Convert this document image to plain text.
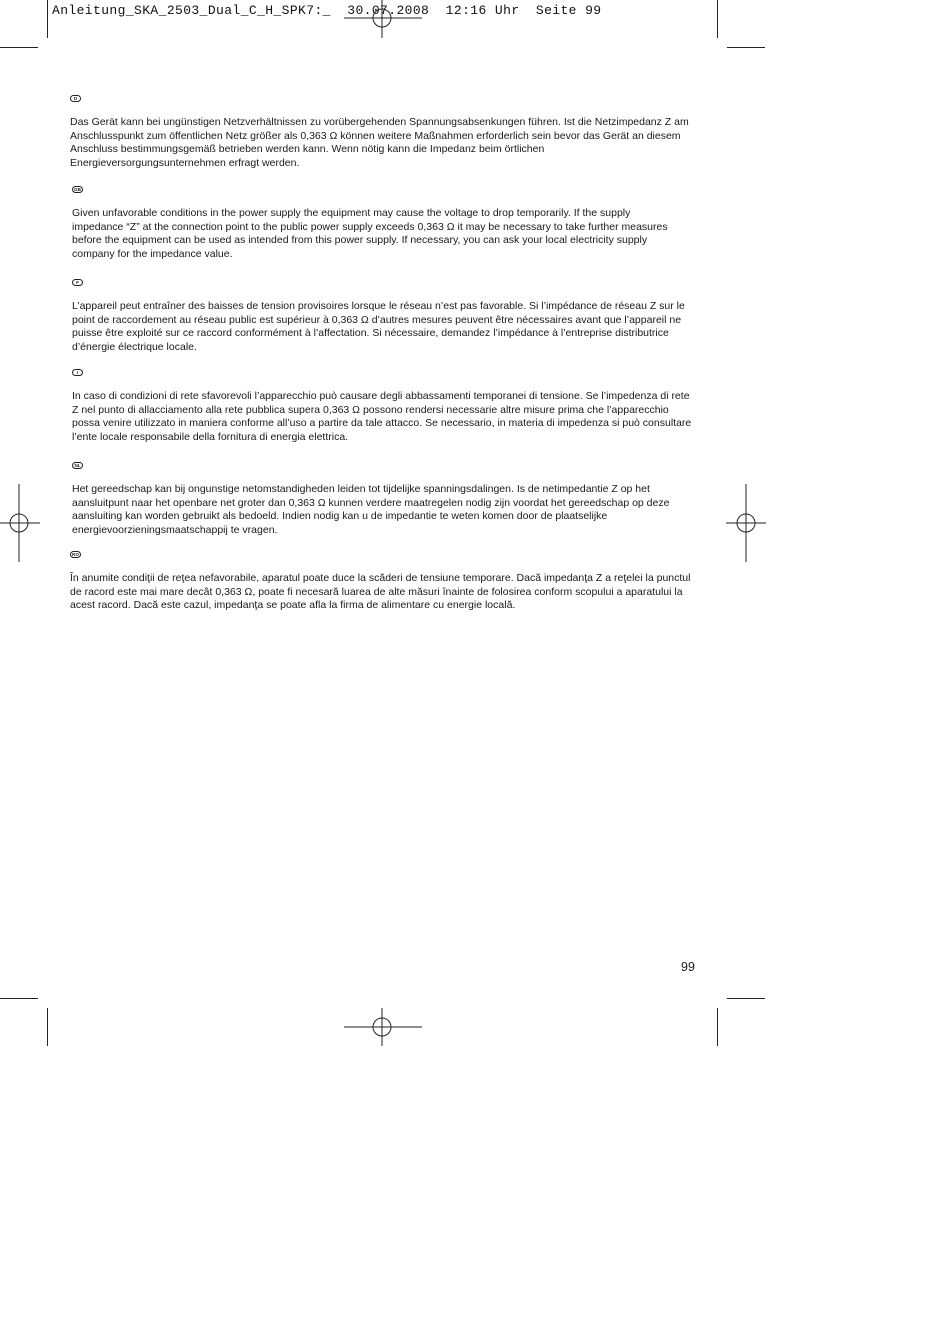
Anleitung_SKA_2503_Dual_C_H_SPK7:_  30.07.2008  12:16 Uhr  Seite 99
D

Das Gerät kann bei ungünstigen Netzverhältnissen zu vorübergehenden Spannungsabsenkungen führen. Ist die Netzimpedanz Z am Anschlusspunkt zum öffentlichen Netz größer als 0,363 Ω können weitere Maßnahmen erforderlich sein bevor das Gerät an diesem Anschluss bestimmungsgemäß betrieben werden kann. Wenn nötig kann die Impedanz beim örtlichen Energieversorgungsunternehmen erfragt werden.

GB

Given unfavorable conditions in the power supply the equipment may cause the voltage to drop temporarily. If the supply impedance “Z” at the connection point to the public power supply exceeds 0,363 Ω it may be necessary to take further measures before the equipment can be used as intended from this power supply. If necessary, you can ask your local electricity supply company for the impedance value.

F

L’appareil peut entraîner des baisses de tension provisoires lorsque le réseau n’est pas favorable. Si l’impédance de réseau Z sur le point de raccordement au réseau public est supérieur à 0,363 Ω d’autres mesures peuvent être nécessaires avant que l’appareil ne puisse être exploité sur ce raccord conformément à l’affectation. Si nécessaire, demandez l’impédance à l’entreprise distributrice d’énergie électrique locale.

I

In caso di condizioni di rete sfavorevoli l’apparecchio può causare degli abbassamenti temporanei di tensione. Se l’impedenza di rete Z nel punto di allacciamento alla rete pubblica supera 0,363 Ω possono rendersi necessarie altre misure prima che l’apparecchio possa venire utilizzato in maniera conforme all’uso a partire da tale attacco. Se necessario, in materia di impedenza si può consultare l’ente locale responsabile della fornitura di energia elettrica.

NL

Het gereedschap kan bij ongunstige netomstandigheden leiden tot tijdelijke spanningsdalingen. Is de netimpedantie Z op het aansluitpunt naar het openbare net groter dan 0,363 Ω kunnen verdere maatregelen nodig zijn voordat het gereedschap op deze aansluiting kan worden gebruikt als bedoeld. Indien nodig kan u de impedantie te weten komen door de plaatselijke energievoorzieningsmaatschappij te vragen.

RO

În anumite condiţii de reţea nefavorabile, aparatul poate duce la scăderi de tensiune temporare. Dacă impedanţa Z a reţelei la punctul de racord este mai mare decât 0,363 Ω, poate fi necesară luarea de alte măsuri înainte de folosirea conform scopului a aparatului la acest racord. Dacă este cazul, impedanţa se poate afla la firma de alimentare cu energie locală.

99
